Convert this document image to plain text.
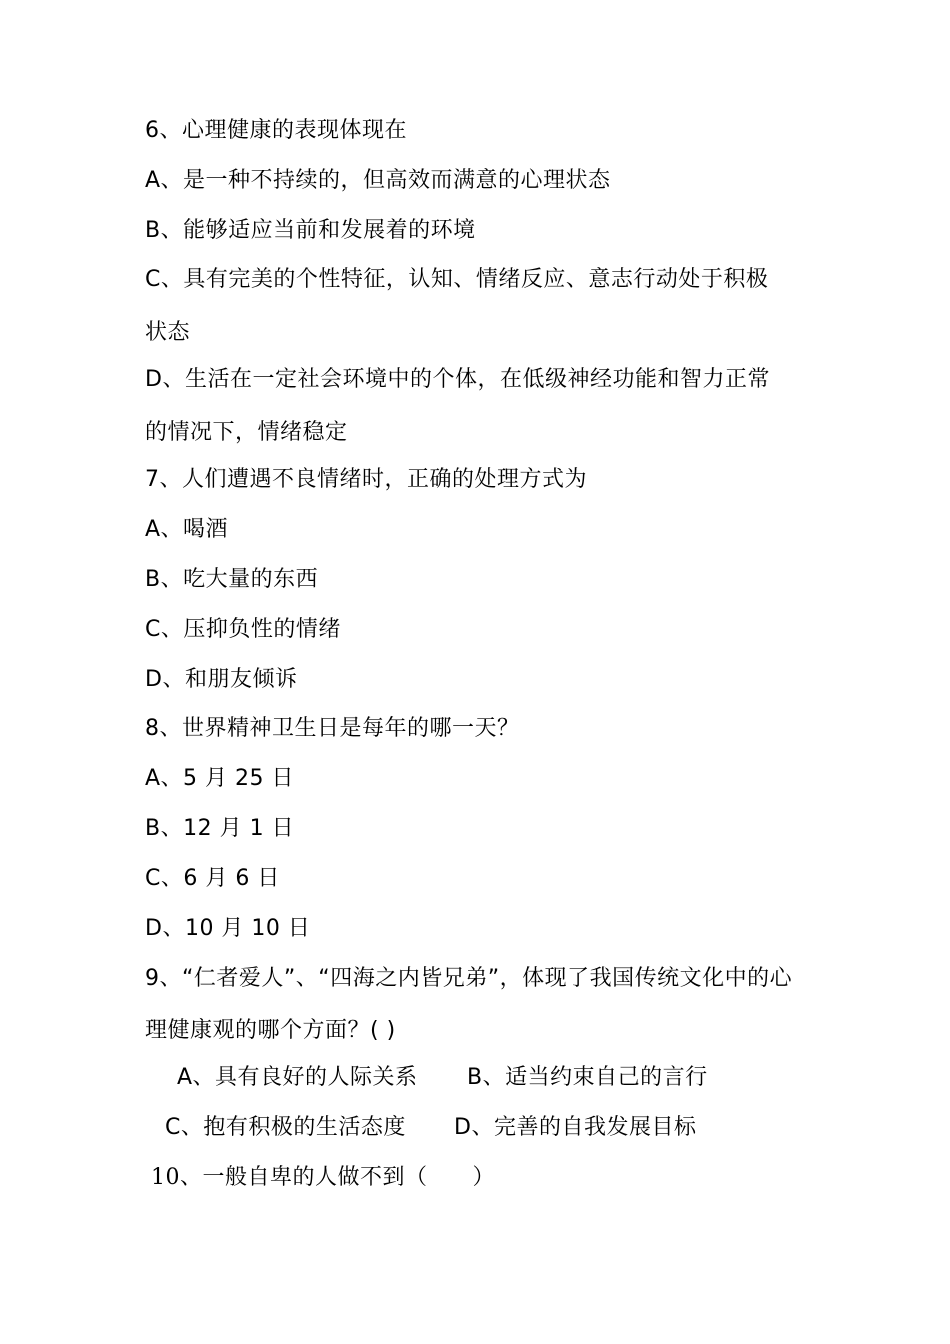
6、心理健康的表现体现在
A、是一种不持续的，但高效而满意的心理状态
B、能够适应当前和发展着的环境
C、具有完美的个性特征，认知、情绪反应、意志行动处于积极
状态
D、生活在一定社会环境中的个体，在低级神经功能和智力正常
的情况下，情绪稳定
7、人们遭遇不良情绪时，正确的处理方式为
A、喝酒
B、吃大量的东西
C、压抑负性的情绪
D、和朋友倾诉
8、世界精神卫生日是每年的哪一天？
A、5 月 25 日
B、12 月 1 日
C、6 月 6 日
D、10 月 10 日
9、“仁者爱人”、“四海之内皆兄弟”，体现了我国传统文化中的心
理健康观的哪个方面？( )
A、具有良好的人际关系 B、适当约束自己的言行
C、抱有积极的生活态度 D、完善的自我发展目标
10、一般自卑的人做不到（　　）
